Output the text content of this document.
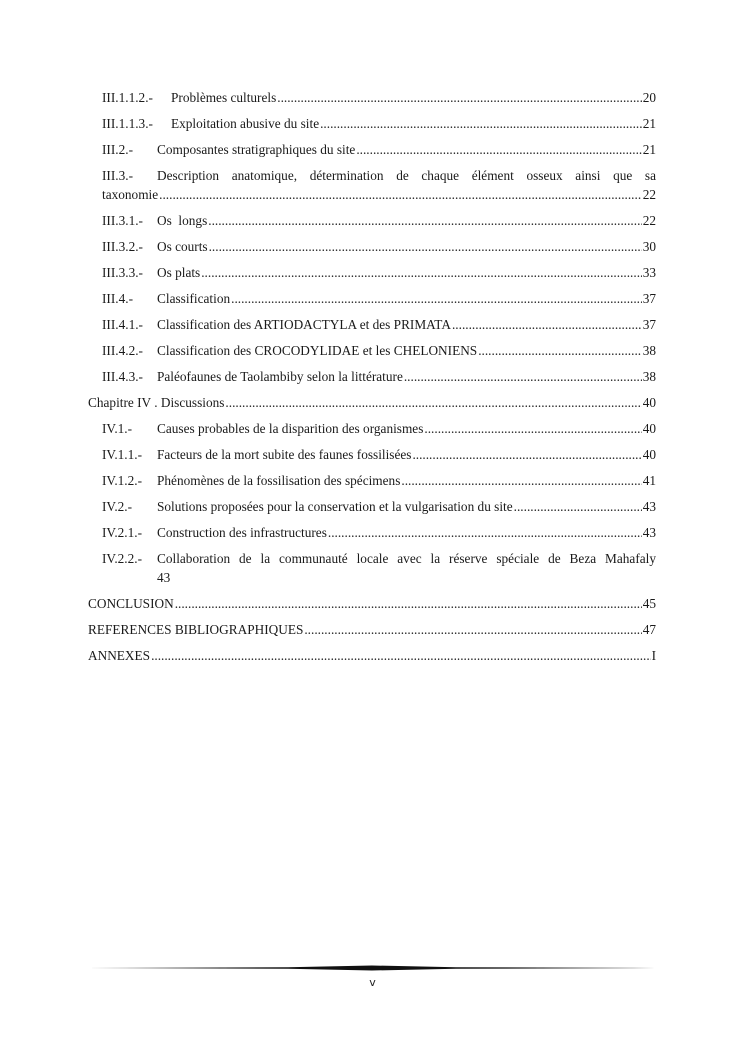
III.1.1.2.-	Problèmes culturels .....	20
III.1.1.3.-	Exploitation abusive du site .....	21
III.2.-	Composantes stratigraphiques du site .....	21
III.3.-	Description anatomique, détermination de chaque élément osseux ainsi que sa
taxonomie .....	22
III.3.1.-	Os  longs .....	22
III.3.2.-	Os courts .....	30
III.3.3.-	Os plats .....	33
III.4.-	Classification .....	37
III.4.1.-	Classification des ARTIODACTYLA et des PRIMATA .....	37
III.4.2.-	Classification des CROCODYLIDAE et les CHELONIENS .....	38
III.4.3.-	Paléofaunes de Taolambiby selon la littérature .....	38
Chapitre IV . Discussions .....	40
IV.1.-	Causes probables de la disparition des organismes .....	40
IV.1.1.-	Facteurs de la mort subite des faunes fossilisées .....	40
IV.1.2.-	Phénomènes de la fossilisation des spécimens .....	41
IV.2.-	Solutions proposées pour la conservation et la vulgarisation du site .....	43
IV.2.1.-	Construction des infrastructures .....	43
IV.2.2.-	Collaboration de la communauté locale avec la réserve spéciale de Beza Mahafaly
43
CONCLUSION .....	45
REFERENCES BIBLIOGRAPHIQUES .....	47
ANNEXES .....	I
v
